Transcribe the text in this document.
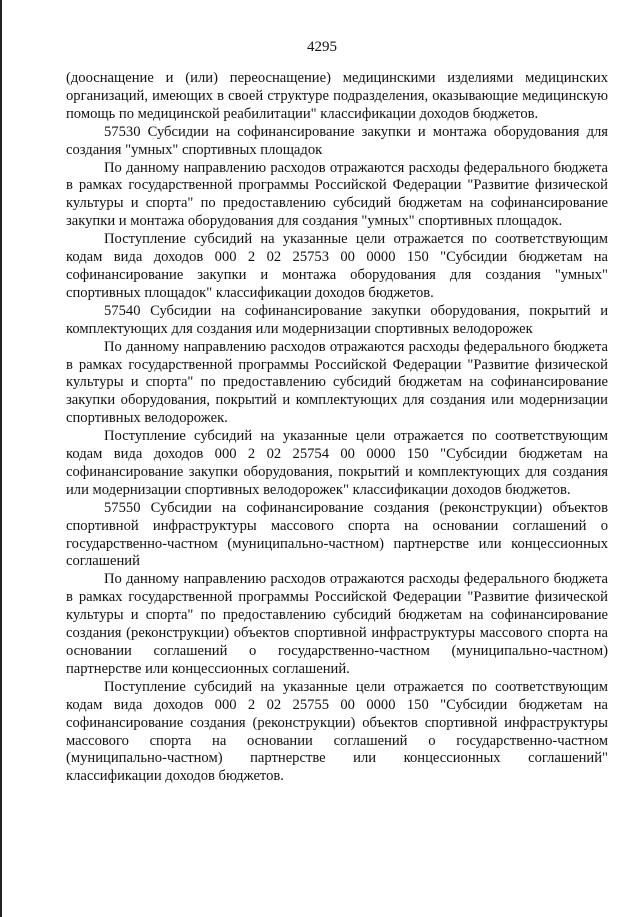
4295

(дооснащение и (или) переоснащение) медицинскими изделиями медицинских организаций, имеющих в своей структуре подразделения, оказывающие медицинскую помощь по медицинской реабилитации" классификации доходов бюджетов.

57530 Субсидии на софинансирование закупки и монтажа оборудования для создания "умных" спортивных площадок

По данному направлению расходов отражаются расходы федерального бюджета в рамках государственной программы Российской Федерации "Развитие физической культуры и спорта" по предоставлению субсидий бюджетам на софинансирование закупки и монтажа оборудования для создания "умных" спортивных площадок.

Поступление субсидий на указанные цели отражается по соответствующим кодам вида доходов 000 2 02 25753 00 0000 150 "Субсидии бюджетам на софинансирование закупки и монтажа оборудования для создания "умных" спортивных площадок" классификации доходов бюджетов.

57540 Субсидии на софинансирование закупки оборудования, покрытий и комплектующих для создания или модернизации спортивных велодорожек

По данному направлению расходов отражаются расходы федерального бюджета в рамках государственной программы Российской Федерации "Развитие физической культуры и спорта" по предоставлению субсидий бюджетам на софинансирование закупки оборудования, покрытий и комплектующих для создания или модернизации спортивных велодорожек.

Поступление субсидий на указанные цели отражается по соответствующим кодам вида доходов 000 2 02 25754 00 0000 150 "Субсидии бюджетам на софинансирование закупки оборудования, покрытий и комплектующих для создания или модернизации спортивных велодорожек" классификации доходов бюджетов.

57550 Субсидии на софинансирование создания (реконструкции) объектов спортивной инфраструктуры массового спорта на основании соглашений о государственно-частном (муниципально-частном) партнерстве или концессионных соглашений

По данному направлению расходов отражаются расходы федерального бюджета в рамках государственной программы Российской Федерации "Развитие физической культуры и спорта" по предоставлению субсидий бюджетам на софинансирование создания (реконструкции) объектов спортивной инфраструктуры массового спорта на основании соглашений о государственно-частном (муниципально-частном) партнерстве или концессионных соглашений.

Поступление субсидий на указанные цели отражается по соответствующим кодам вида доходов 000 2 02 25755 00 0000 150 "Субсидии бюджетам на софинансирование создания (реконструкции) объектов спортивной инфраструктуры массового спорта на основании соглашений о государственно-частном (муниципально-частном) партнерстве или концессионных соглашений" классификации доходов бюджетов.
